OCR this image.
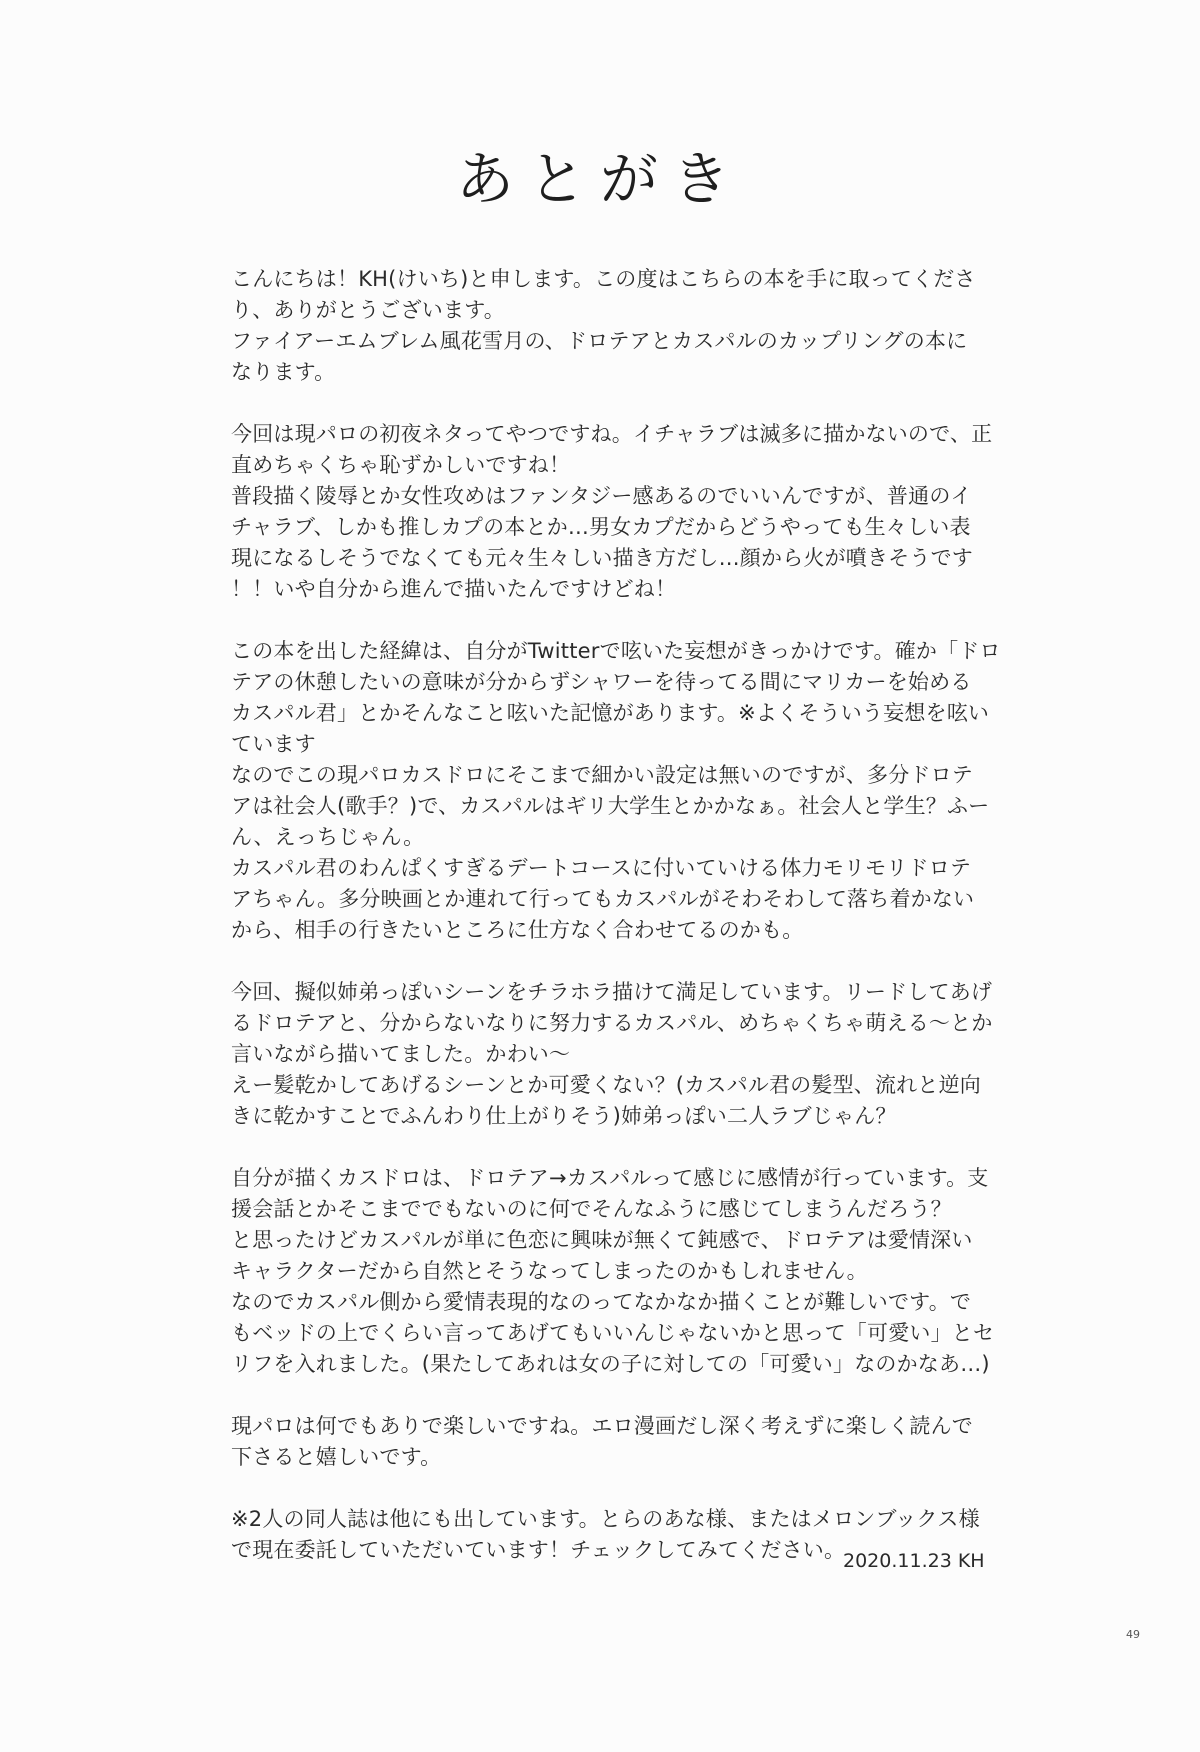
あとがき
こんにちは！KH(けいち)と申します。この度はこちらの本を手に取ってくださ
り、ありがとうございます。
ファイアーエムブレム風花雪月の、ドロテアとカスパルのカップリングの本に
なります。
今回は現パロの初夜ネタってやつですね。イチャラブは滅多に描かないので、正
直めちゃくちゃ恥ずかしいですね！
普段描く陵辱とか女性攻めはファンタジー感あるのでいいんですが、普通のイ
チャラブ、しかも推しカプの本とか…男女カプだからどうやっても生々しい表
現になるしそうでなくても元々生々しい描き方だし…顔から火が噴きそうです
！！いや自分から進んで描いたんですけどね！
この本を出した経緯は、自分がTwitterで呟いた妄想がきっかけです。確か「ドロ
テアの休憩したいの意味が分からずシャワーを待ってる間にマリカーを始める
カスパル君」とかそんなこと呟いた記憶があります。※よくそういう妄想を呟い
ています
なのでこの現パロカスドロにそこまで細かい設定は無いのですが、多分ドロテ
アは社会人(歌手？)で、カスパルはギリ大学生とかかなぁ。社会人と学生？ふー
ん、えっちじゃん。
カスパル君のわんぱくすぎるデートコースに付いていける体力モリモリドロテ
アちゃん。多分映画とか連れて行ってもカスパルがそわそわして落ち着かない
から、相手の行きたいところに仕方なく合わせてるのかも。
今回、擬似姉弟っぽいシーンをチラホラ描けて満足しています。リードしてあげ
るドロテアと、分からないなりに努力するカスパル、めちゃくちゃ萌える〜とか
言いながら描いてました。かわい〜
えー髪乾かしてあげるシーンとか可愛くない？(カスパル君の髪型、流れと逆向
きに乾かすことでふんわり仕上がりそう)姉弟っぽい二人ラブじゃん？
自分が描くカスドロは、ドロテア→カスパルって感じに感情が行っています。支
援会話とかそこまででもないのに何でそんなふうに感じてしまうんだろう？
と思ったけどカスパルが単に色恋に興味が無くて鈍感で、ドロテアは愛情深い
キャラクターだから自然とそうなってしまったのかもしれません。
なのでカスパル側から愛情表現的なのってなかなか描くことが難しいです。で
もベッドの上でくらい言ってあげてもいいんじゃないかと思って「可愛い」とセ
リフを入れました。(果たしてあれは女の子に対しての「可愛い」なのかなあ…)
現パロは何でもありで楽しいですね。エロ漫画だし深く考えずに楽しく読んで
下さると嬉しいです。
※2人の同人誌は他にも出しています。とらのあな様、またはメロンブックス様
で現在委託していただいています！チェックしてみてください。
2020.11.23 KH
49
